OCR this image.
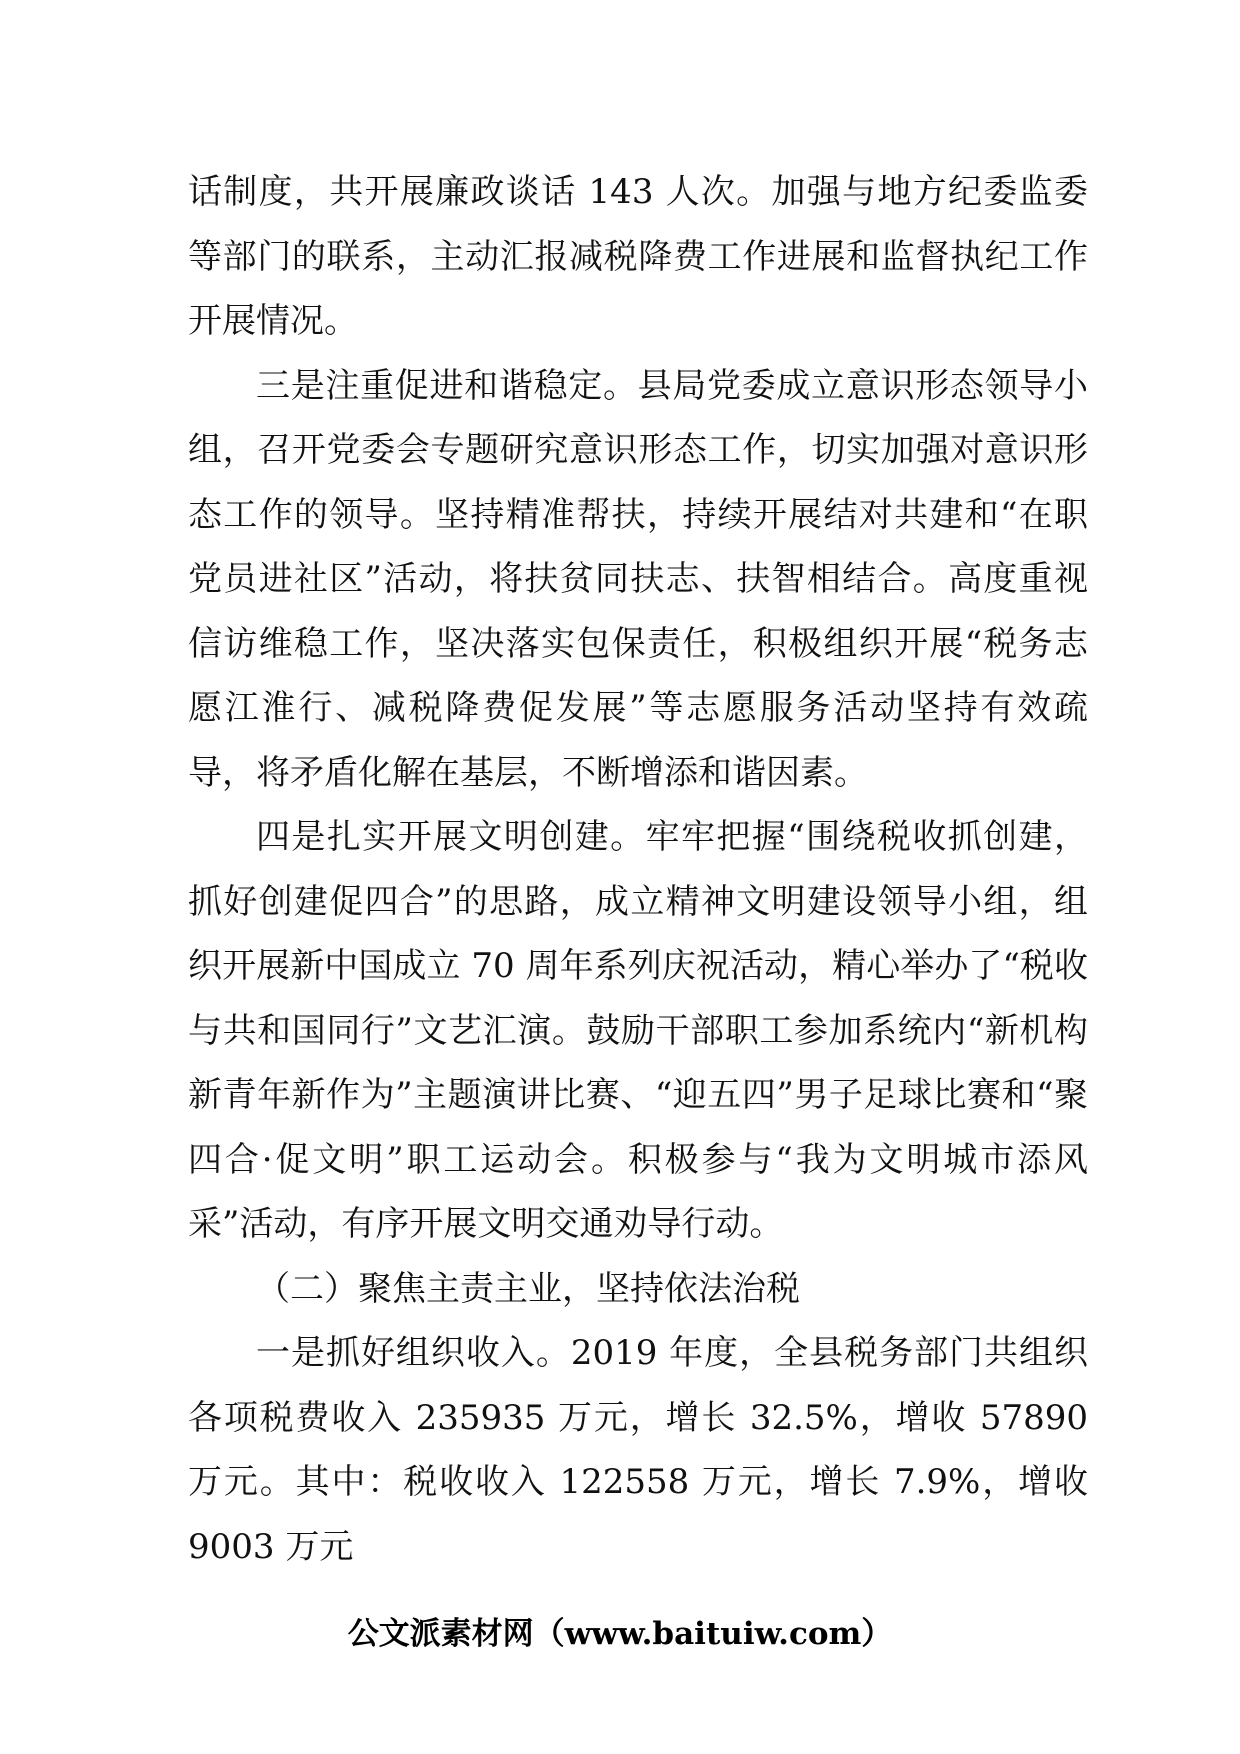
话制度，共开展廉政谈话 143 人次。加强与地方纪委监委等部门的联系，主动汇报减税降费工作进展和监督执纪工作开展情况。

三是注重促进和谐稳定。县局党委成立意识形态领导小组，召开党委会专题研究意识形态工作，切实加强对意识形态工作的领导。坚持精准帮扶，持续开展结对共建和“在职党员进社区”活动，将扶贫同扶志、扶智相结合。高度重视信访维稳工作，坚决落实包保责任，积极组织开展“税务志愿江淮行、减税降费促发展”等志愿服务活动坚持有效疏导，将矛盾化解在基层，不断增添和谐因素。

四是扎实开展文明创建。牢牢把握“围绕税收抓创建，抓好创建促四合”的思路，成立精神文明建设领导小组，组织开展新中国成立 70 周年系列庆祝活动，精心举办了“税收与共和国同行”文艺汇演。鼓励干部职工参加系统内“新机构新青年新作为”主题演讲比赛、“迎五四”男子足球比赛和“聚四合·促文明”职工运动会。积极参与“我为文明城市添风采”活动，有序开展文明交通劝导行动。

（二）聚焦主责主业，坚持依法治税

一是抓好组织收入。2019 年度，全县税务部门共组织各项税费收入 235935 万元，增长 32.5%，增收 57890 万元。其中：税收收入 122558 万元，增长 7.9%，增收 9003 万元

公文派素材网（www.baituiw.com）
